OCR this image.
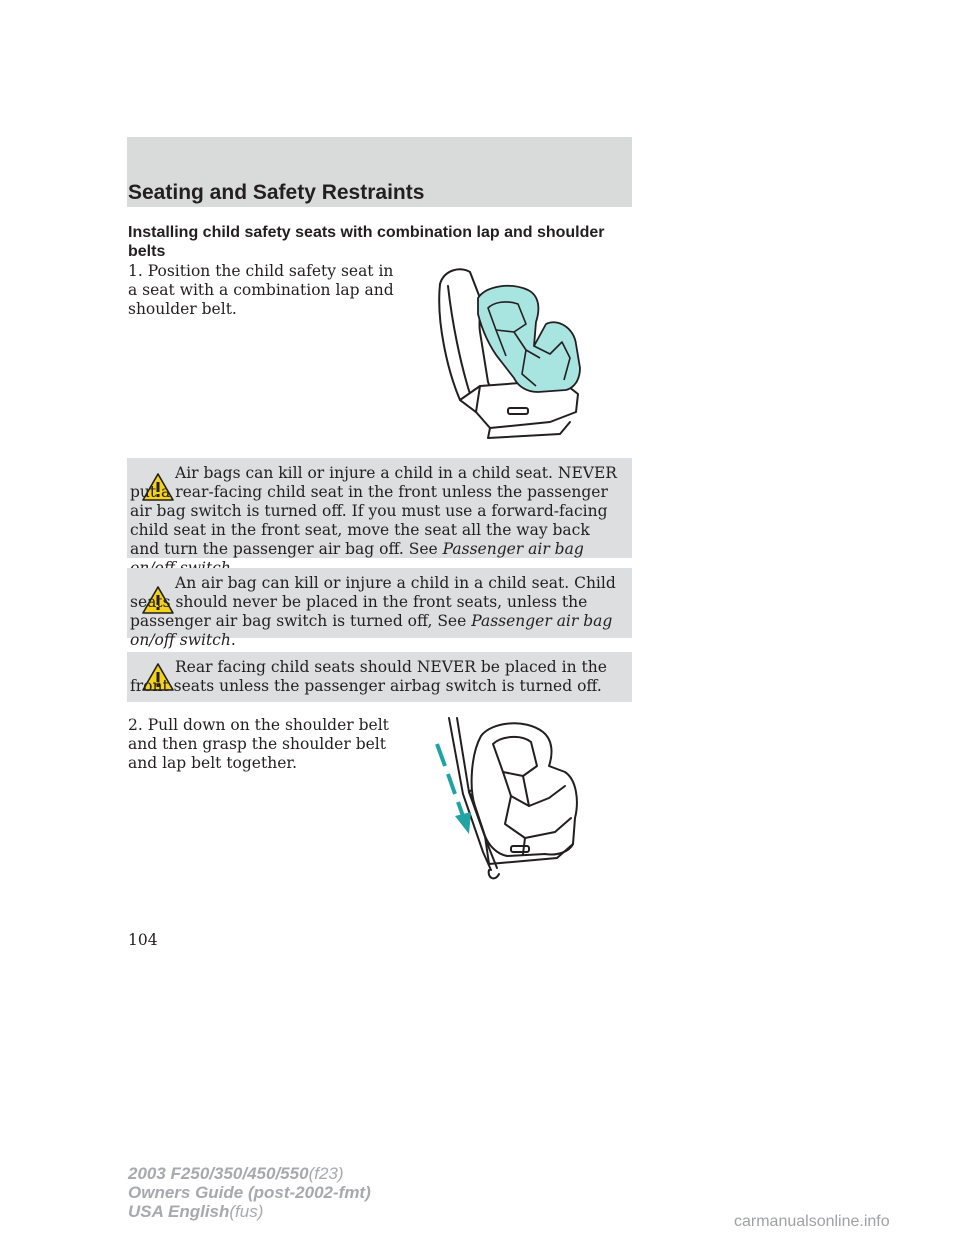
Seating and Safety Restraints
Installing child safety seats with combination lap and shoulder belts
1. Position the child safety seat in a seat with a combination lap and shoulder belt.
Air bags can kill or injure a child in a child seat. NEVER put a rear-facing child seat in the front unless the passenger air bag switch is turned off. If you must use a forward-facing child seat in the front seat, move the seat all the way back and turn the passenger air bag off. See Passenger air bag
An air bag can kill or injure a child in a child seat. Child seats should never be placed in the front seats, unless the passenger air bag switch is turned off, See Passenger air bag on/off switch.
Rear facing child seats should NEVER be placed in the front seats unless the passenger airbag switch is turned off.
2. Pull down on the shoulder belt and then grasp the shoulder belt and lap belt together.
104
2003 F250/350/450/550(f23)
Owners Guide (post-2002-fmt)
USA English(fus)
carmanualsonline.info
